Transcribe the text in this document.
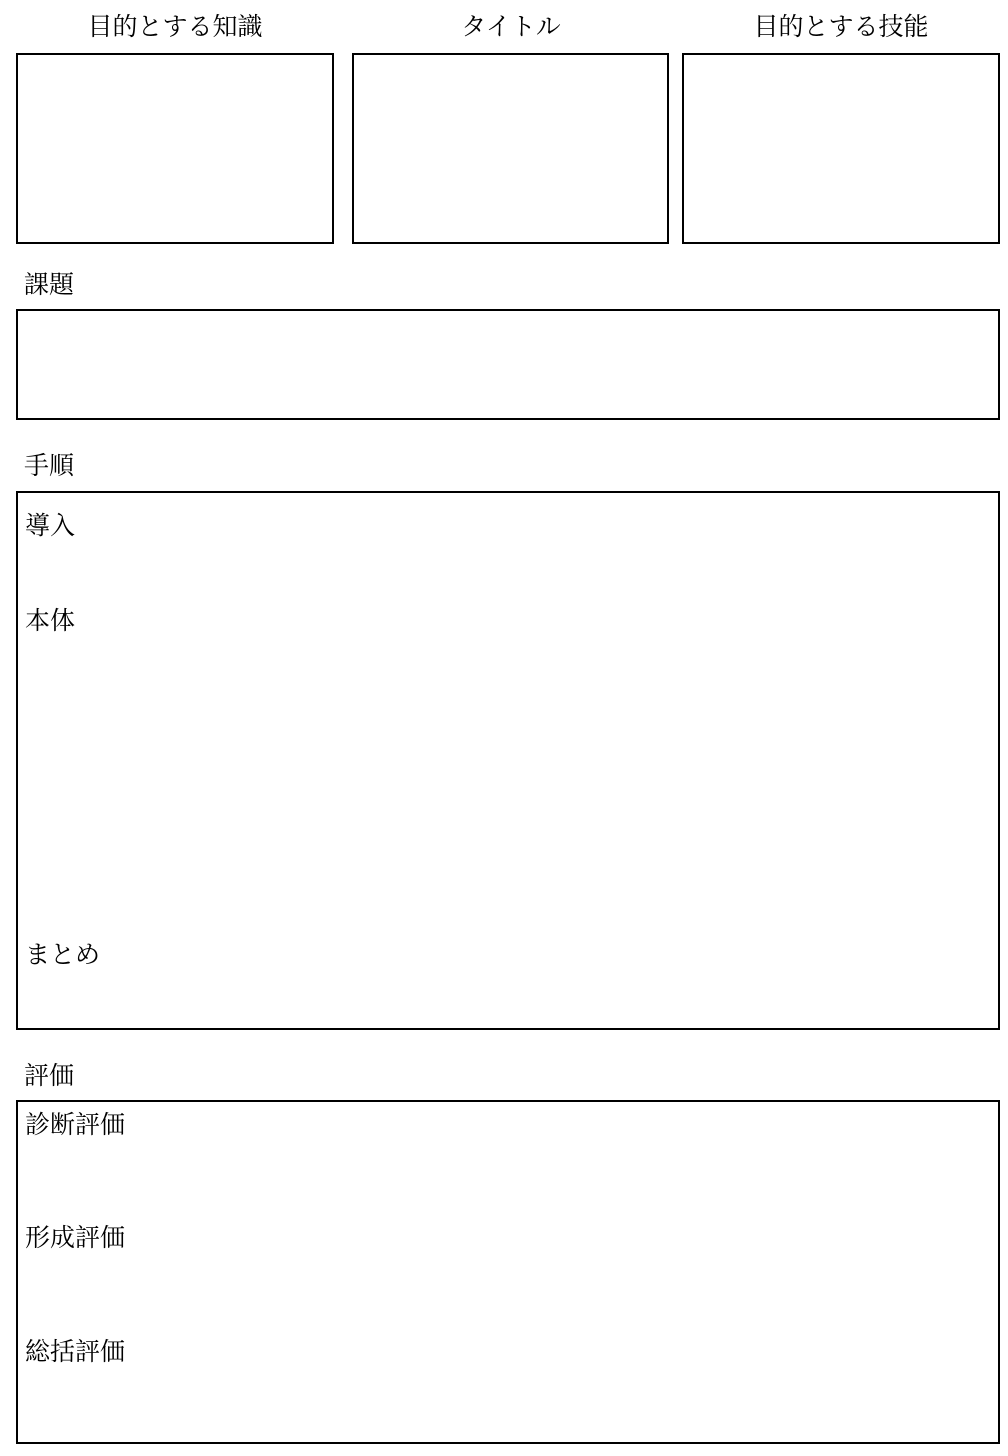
目的とする知識	タイトル	目的とする技能
課題
手順
導入
本体
まとめ
評価
診断評価
形成評価
総括評価
